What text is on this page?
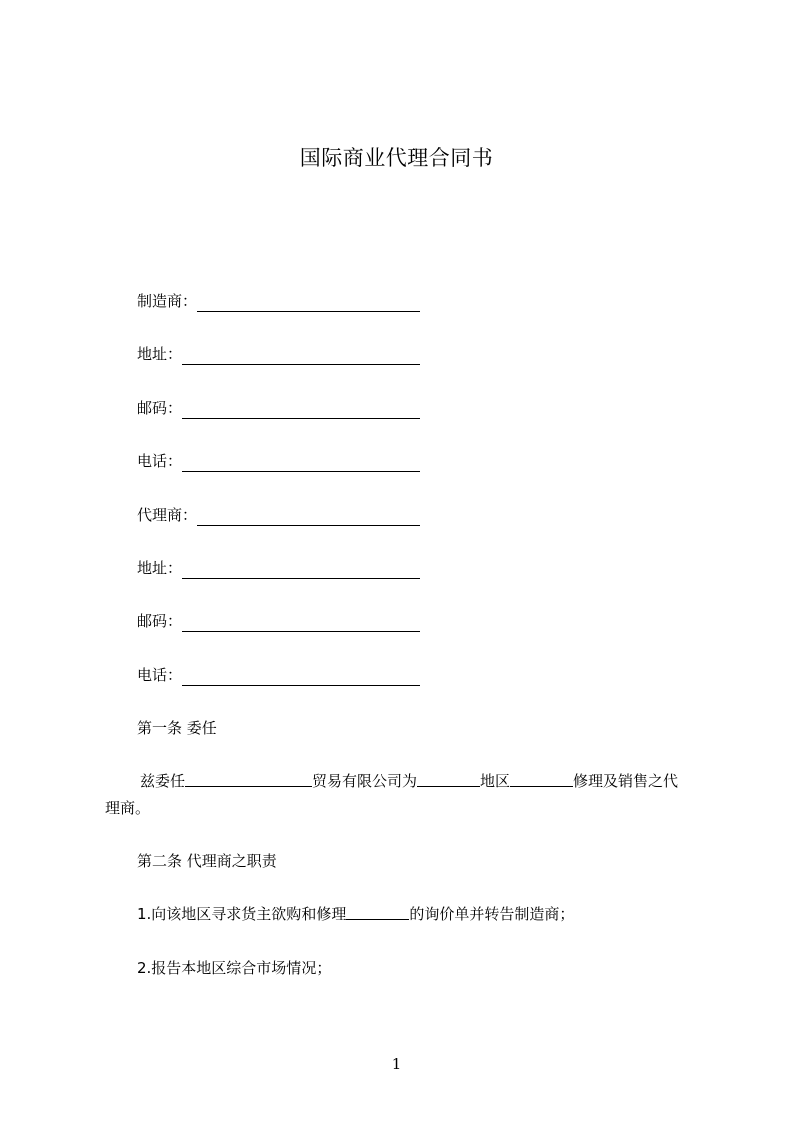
国际商业代理合同书
制造商：
地址：
邮码：
电话：
代理商：
地址：
邮码：
电话：
第一条 委任
兹委任	贸易有限公司为	地区	修理及销售之代
理商。
第二条 代理商之职责
1.向该地区寻求货主欲购和修理	的询价单并转告制造商；
2.报告本地区综合市场情况；
1
